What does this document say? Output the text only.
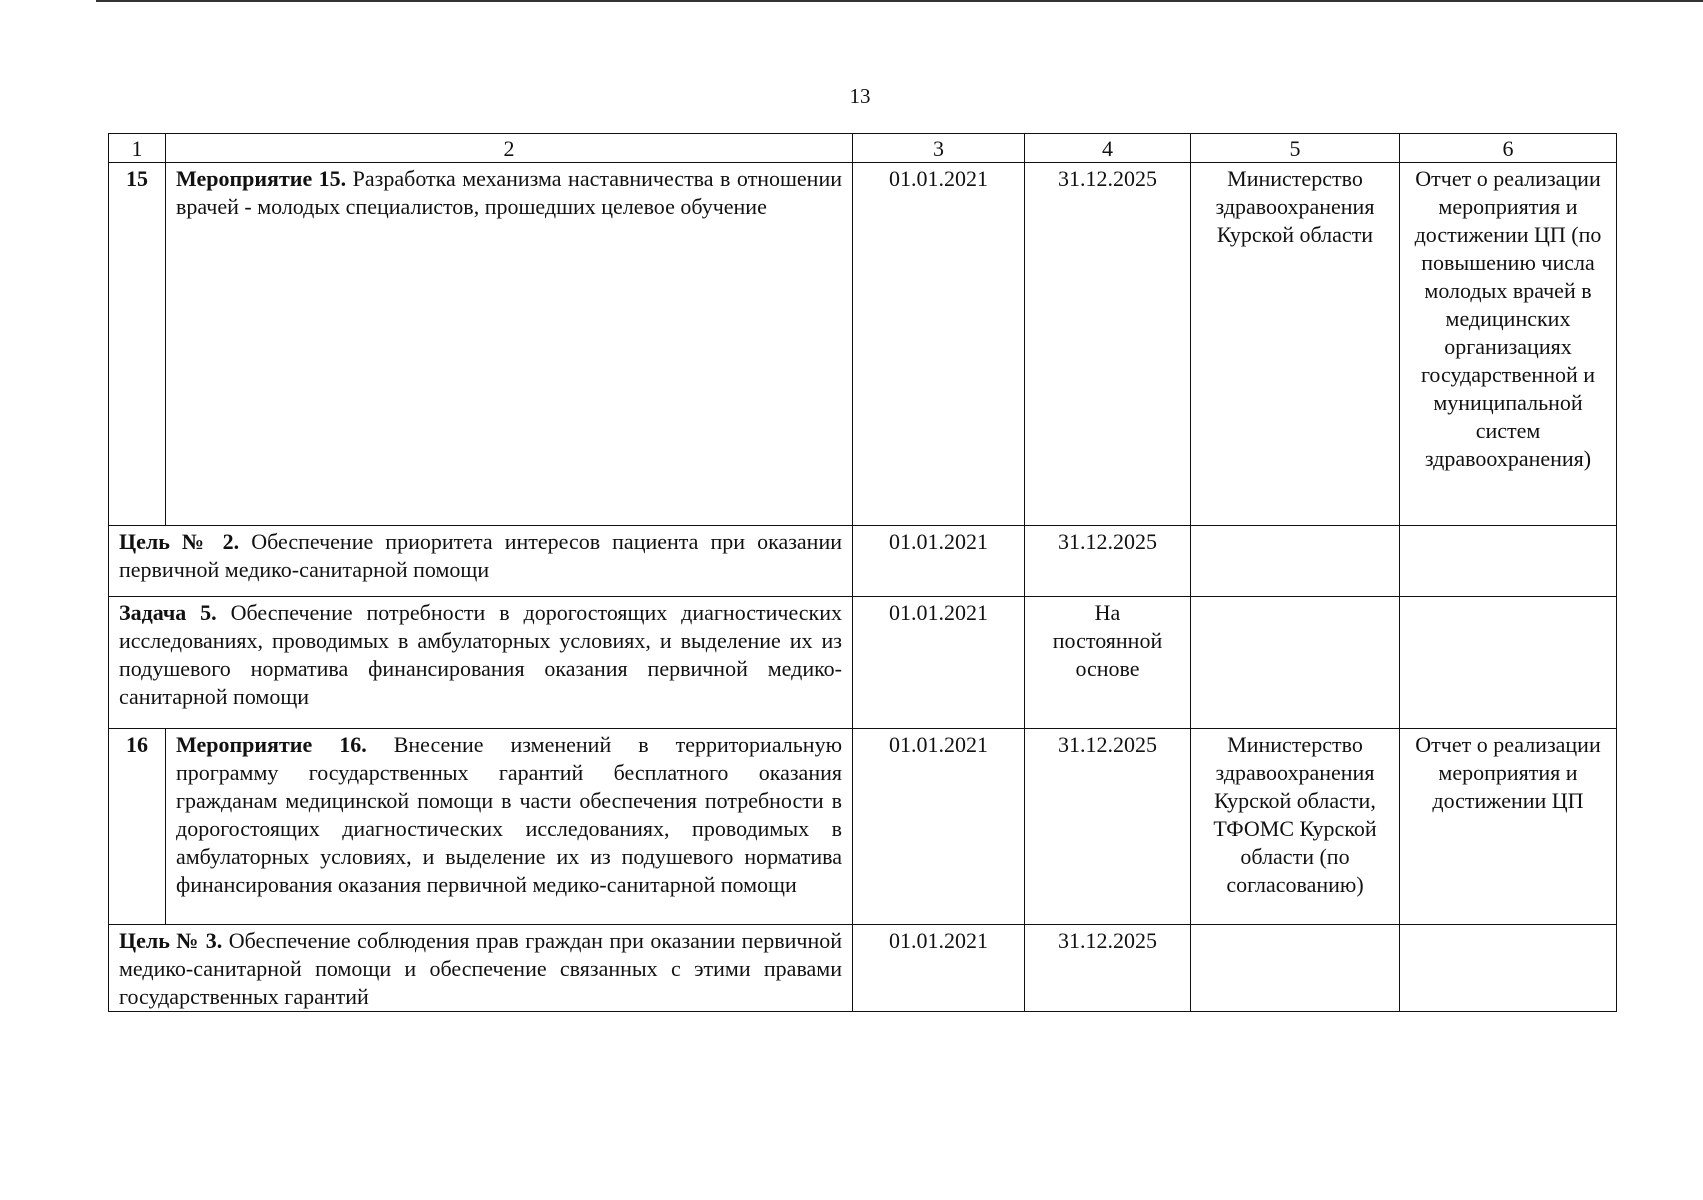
13
1	2	3	4	5	6
15	Мероприятие 15. Разработка механизма наставничества в отношении врачей - молодых специалистов, прошедших целевое обучение	01.01.2021	31.12.2025	Министерство здравоохранения Курской области	Отчет о реализации мероприятия и достижении ЦП (по повышению числа молодых врачей в медицинских организациях государственной и муниципальной систем здравоохранения)
Цель № 2. Обеспечение приоритета интересов пациента при оказании первичной медико-санитарной помощи		01.01.2021	31.12.2025		
Задача 5. Обеспечение потребности в дорогостоящих диагностических исследованиях, проводимых в амбулаторных условиях, и выделение их из подушевого норматива финансирования оказания первичной медико-санитарной помощи		01.01.2021	На постоянной основе		
16	Мероприятие 16. Внесение изменений в территориальную программу государственных гарантий бесплатного оказания гражданам медицинской помощи в части обеспечения потребности в дорогостоящих диагностических исследованиях, проводимых в амбулаторных условиях, и выделение их из подушевого норматива финансирования оказания первичной медико-санитарной помощи	01.01.2021	31.12.2025	Министерство здравоохранения Курской области, ТФОМС Курской области (по согласованию)	Отчет о реализации мероприятия и достижении ЦП
Цель № 3. Обеспечение соблюдения прав граждан при оказании первичной медико-санитарной помощи и обеспечение связанных с этими правами государственных гарантий		01.01.2021	31.12.2025		
